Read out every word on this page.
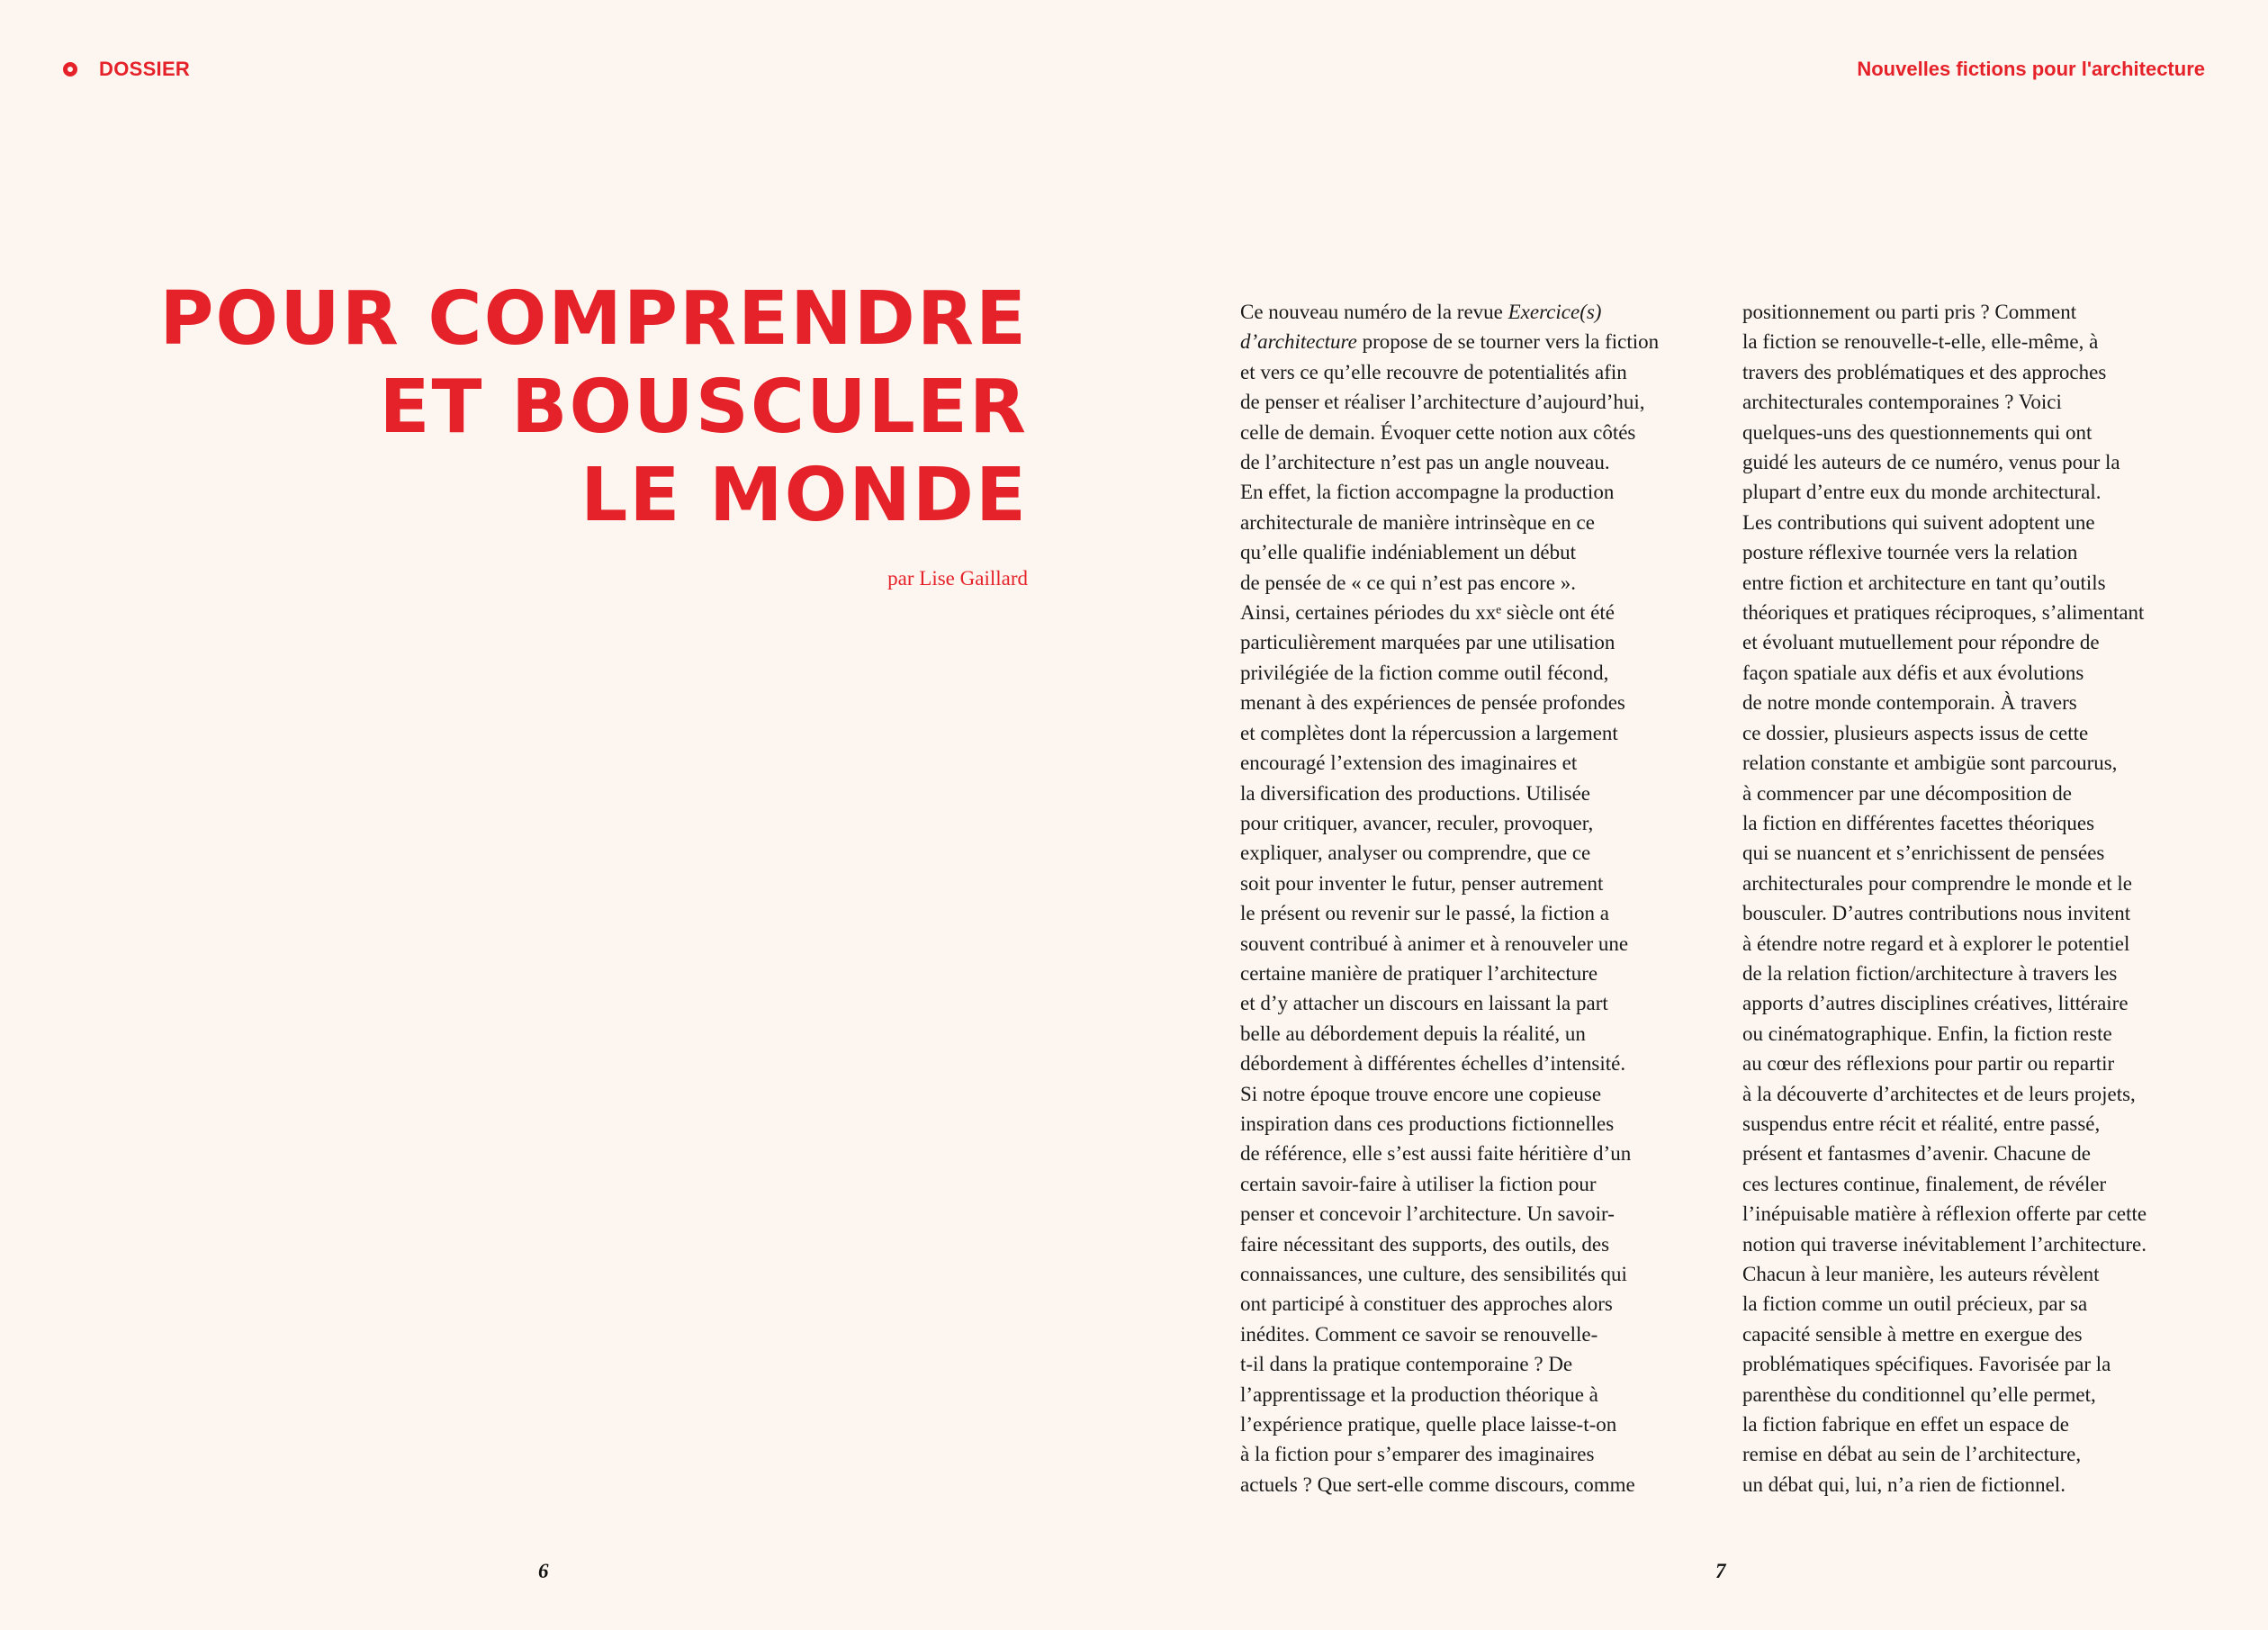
DOSSIER	Nouvelles fictions pour l'architecture
POUR COMPRENDRE
ET BOUSCULER
LE MONDE
par Lise Gaillard
Ce nouveau numéro de la revue Exercice(s)
d’architecture propose de se tourner vers la fiction
et vers ce qu’elle recouvre de potentialités afin
de penser et réaliser l’architecture d’aujourd’hui,
celle de demain. Évoquer cette notion aux côtés
de l’architecture n’est pas un angle nouveau.
En effet, la fiction accompagne la production
architecturale de manière intrinsèque en ce
qu’elle qualifie indéniablement un début
de pensée de « ce qui n’est pas encore ».
Ainsi, certaines périodes du xxᵉ siècle ont été
particulièrement marquées par une utilisation
privilégiée de la fiction comme outil fécond,
menant à des expériences de pensée profondes
et complètes dont la répercussion a largement
encouragé l’extension des imaginaires et
la diversification des productions. Utilisée
pour critiquer, avancer, reculer, provoquer,
expliquer, analyser ou comprendre, que ce
soit pour inventer le futur, penser autrement
le présent ou revenir sur le passé, la fiction a
souvent contribué à animer et à renouveler une
certaine manière de pratiquer l’architecture
et d’y attacher un discours en laissant la part
belle au débordement depuis la réalité, un
débordement à différentes échelles d’intensité.
Si notre époque trouve encore une copieuse
inspiration dans ces productions fictionnelles
de référence, elle s’est aussi faite héritière d’un
certain savoir-faire à utiliser la fiction pour
penser et concevoir l’architecture. Un savoir-
faire nécessitant des supports, des outils, des
connaissances, une culture, des sensibilités qui
ont participé à constituer des approches alors
inédites. Comment ce savoir se renouvelle-
t-il dans la pratique contemporaine ? De
l’apprentissage et la production théorique à
l’expérience pratique, quelle place laisse-t-on
à la fiction pour s’emparer des imaginaires
actuels ? Que sert-elle comme discours, comme
positionnement ou parti pris ? Comment
la fiction se renouvelle-t-elle, elle-même, à
travers des problématiques et des approches
architecturales contemporaines ? Voici
quelques-uns des questionnements qui ont
guidé les auteurs de ce numéro, venus pour la
plupart d’entre eux du monde architectural.
Les contributions qui suivent adoptent une
posture réflexive tournée vers la relation
entre fiction et architecture en tant qu’outils
théoriques et pratiques réciproques, s’alimentant
et évoluant mutuellement pour répondre de
façon spatiale aux défis et aux évolutions
de notre monde contemporain. À travers
ce dossier, plusieurs aspects issus de cette
relation constante et ambigüe sont parcourus,
à commencer par une décomposition de
la fiction en différentes facettes théoriques
qui se nuancent et s’enrichissent de pensées
architecturales pour comprendre le monde et le
bousculer. D’autres contributions nous invitent
à étendre notre regard et à explorer le potentiel
de la relation fiction/architecture à travers les
apports d’autres disciplines créatives, littéraire
ou cinématographique. Enfin, la fiction reste
au cœur des réflexions pour partir ou repartir
à la découverte d’architectes et de leurs projets,
suspendus entre récit et réalité, entre passé,
présent et fantasmes d’avenir. Chacune de
ces lectures continue, finalement, de révéler
l’inépuisable matière à réflexion offerte par cette
notion qui traverse inévitablement l’architecture.
Chacun à leur manière, les auteurs révèlent
la fiction comme un outil précieux, par sa
capacité sensible à mettre en exergue des
problématiques spécifiques. Favorisée par la
parenthèse du conditionnel qu’elle permet,
la fiction fabrique en effet un espace de
remise en débat au sein de l’architecture,
un débat qui, lui, n’a rien de fictionnel.
6	7
